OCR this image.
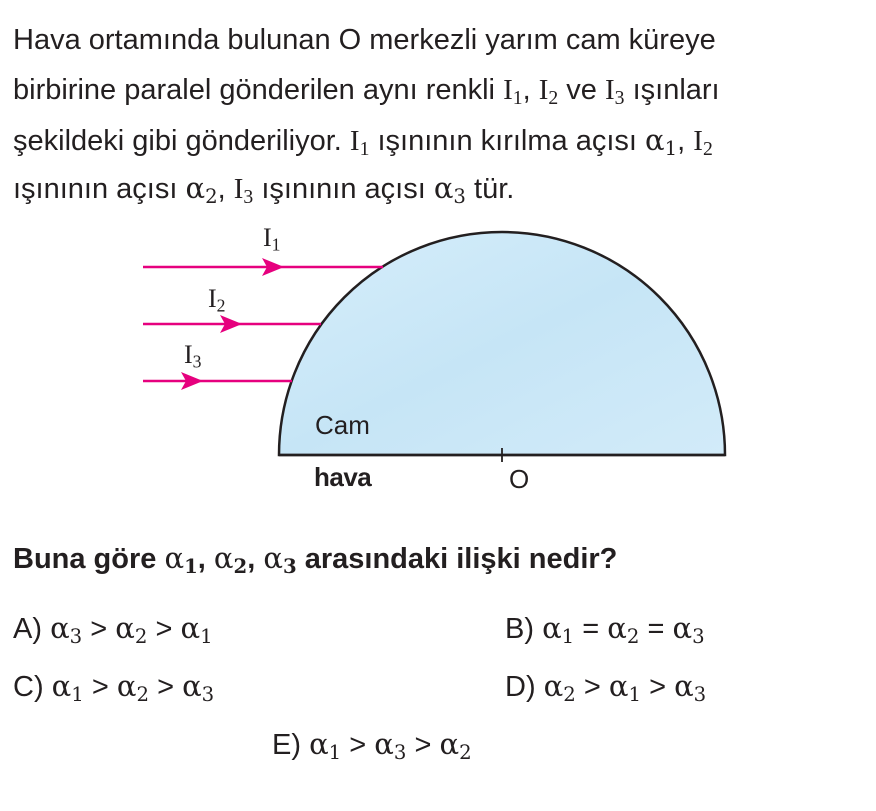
Hava ortamında bulunan O merkezli yarım cam küreye
birbirine paralel gönderilen aynı renkli $I_1$, $I_2$ ve $I_3$ ışınları
şekildeki gibi gönderiliyor. $I_1$ ışınının kırılma açısı $\alpha_1$, $I_2$
ışınının açısı $\alpha_2$, $I_3$ ışınının açısı $\alpha_3$ tür.
$I_1$
$I_2$
$I_3$
Cam
hava	O
Buna göre $\alpha_1$, $\alpha_2$, $\alpha_3$ arasındaki ilişki nedir?
A) $\alpha_3 > \alpha_2 > \alpha_1$	B) $\alpha_1 = \alpha_2 = \alpha_3$
C) $\alpha_1 > \alpha_2 > \alpha_3$	D) $\alpha_2 > \alpha_1 > \alpha_3$
E) $\alpha_1 > \alpha_3 > \alpha_2$
